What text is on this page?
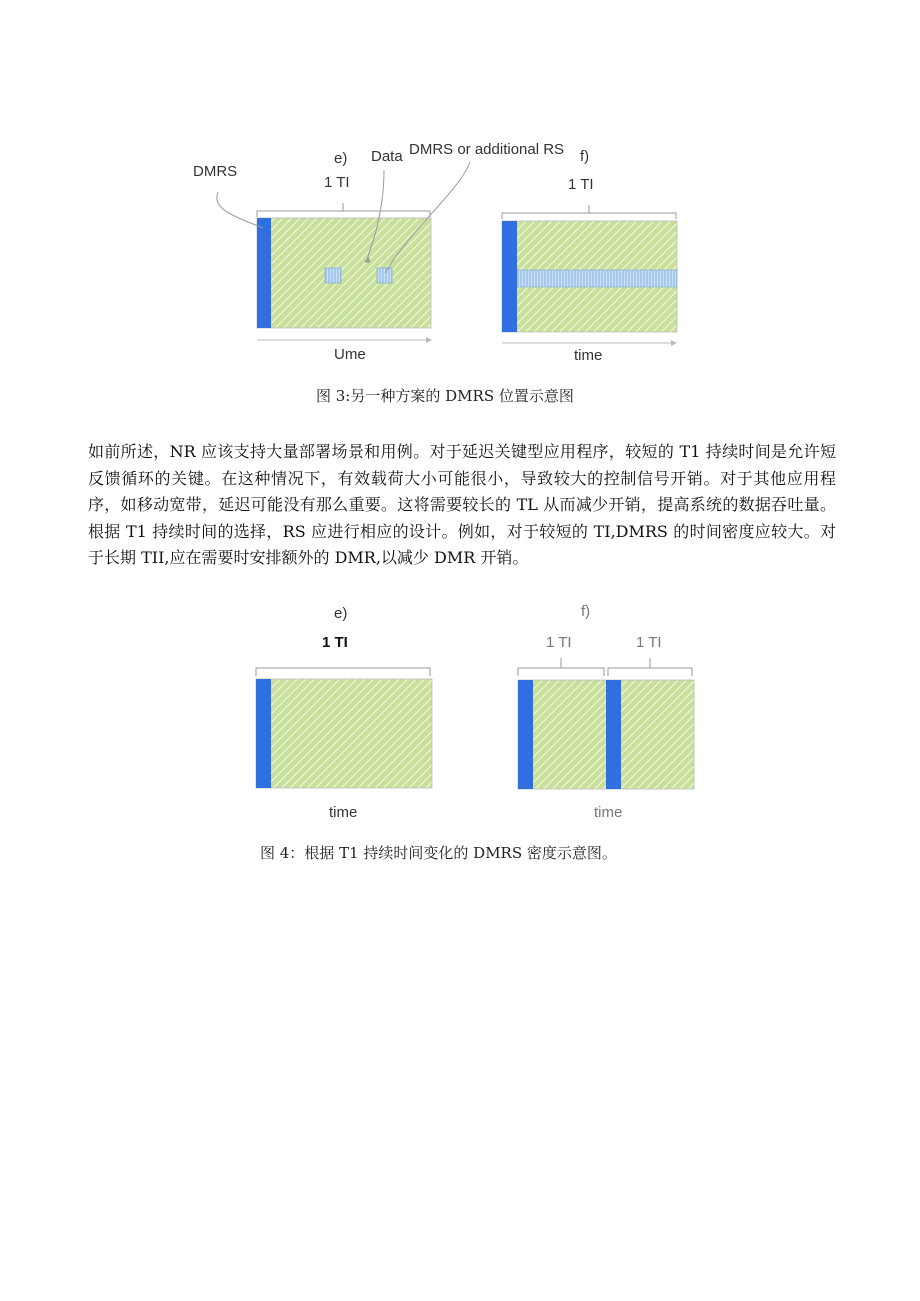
DMRS
e)
1 TI
Data DMRS or additional RS f)
1 TI
Ume	time
图 3:另一种方案的 DMRS 位置示意图
如前所述，NR 应该支持大量部署场景和用例。对于延迟关键型应用程序，较短的 T1 持续时间是允许短反馈循环的关键。在这种情况下，有效载荷大小可能很小，导致较大的控制信号开销。对于其他应用程序，如移动宽带，延迟可能没有那么重要。这将需要较长的 TL 从而减少开销，提高系统的数据吞吐量。根据 T1 持续时间的选择，RS 应进行相应的设计。例如，对于较短的 TI,DMRS 的时间密度应较大。对于长期 TII,应在需要时安排额外的 DMR,以减少 DMR 开销。
e)
1 TI
f)
1 TI	1 TI
time	time
图 4：根据 T1 持续时间变化的 DMRS 密度示意图。
